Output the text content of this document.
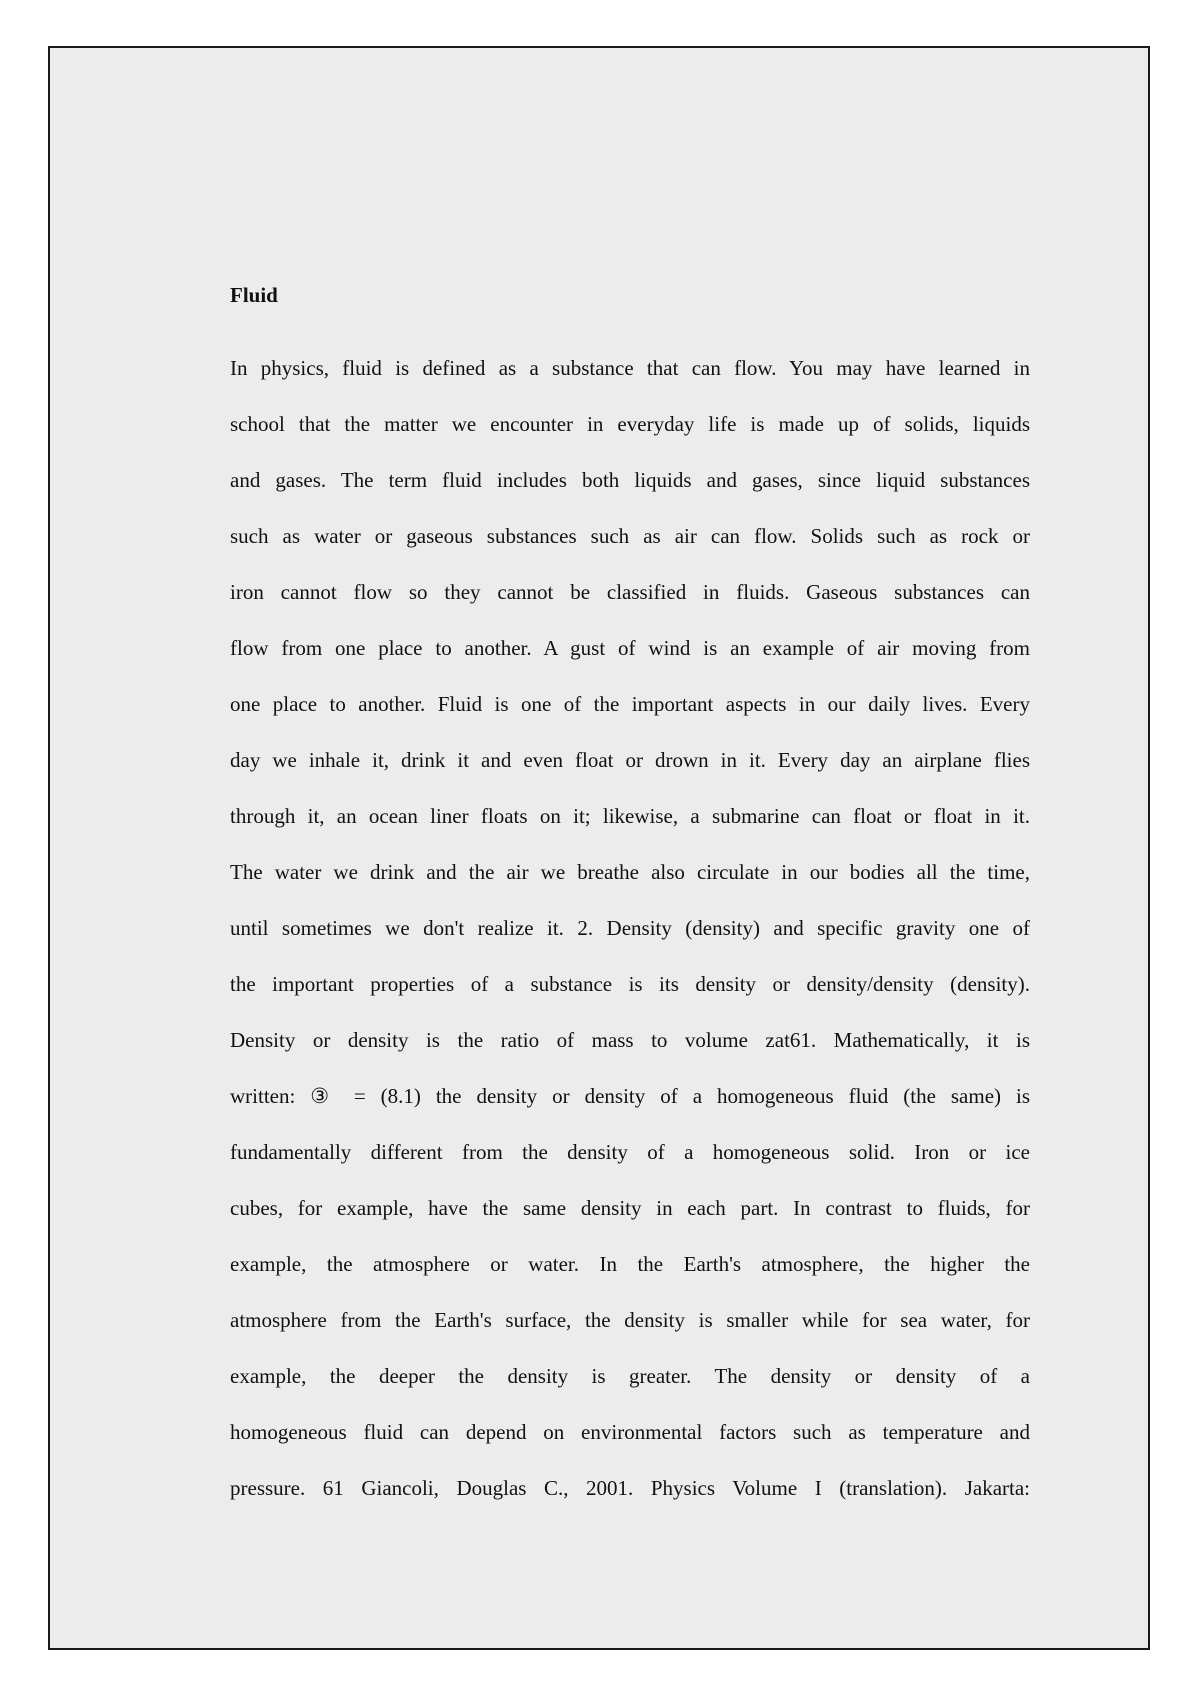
Fluid
In physics, fluid is defined as a substance that can flow. You may have learned in
school that the matter we encounter in everyday life is made up of solids, liquids
and gases. The term fluid includes both liquids and gases, since liquid substances
such as water or gaseous substances such as air can flow. Solids such as rock or
iron cannot flow so they cannot be classified in fluids. Gaseous substances can
flow from one place to another. A gust of wind is an example of air moving from
one place to another. Fluid is one of the important aspects in our daily lives. Every
day we inhale it, drink it and even float or drown in it. Every day an airplane flies
through it, an ocean liner floats on it; likewise, a submarine can float or float in it.
The water we drink and the air we breathe also circulate in our bodies all the time,
until sometimes we don't realize it. 2. Density (density) and specific gravity one of
the important properties of a substance is its density or density/density (density).
Density or density is the ratio of mass to volume zat61. Mathematically, it is
written: ③ = (8.1) the density or density of a homogeneous fluid (the same) is
fundamentally different from the density of a homogeneous solid. Iron or ice
cubes, for example, have the same density in each part. In contrast to fluids, for
example, the atmosphere or water. In the Earth's atmosphere, the higher the
atmosphere from the Earth's surface, the density is smaller while for sea water, for
example, the deeper the density is greater. The density or density of a
homogeneous fluid can depend on environmental factors such as temperature and
pressure. 61 Giancoli, Douglas C., 2001. Physics Volume I (translation). Jakarta:
